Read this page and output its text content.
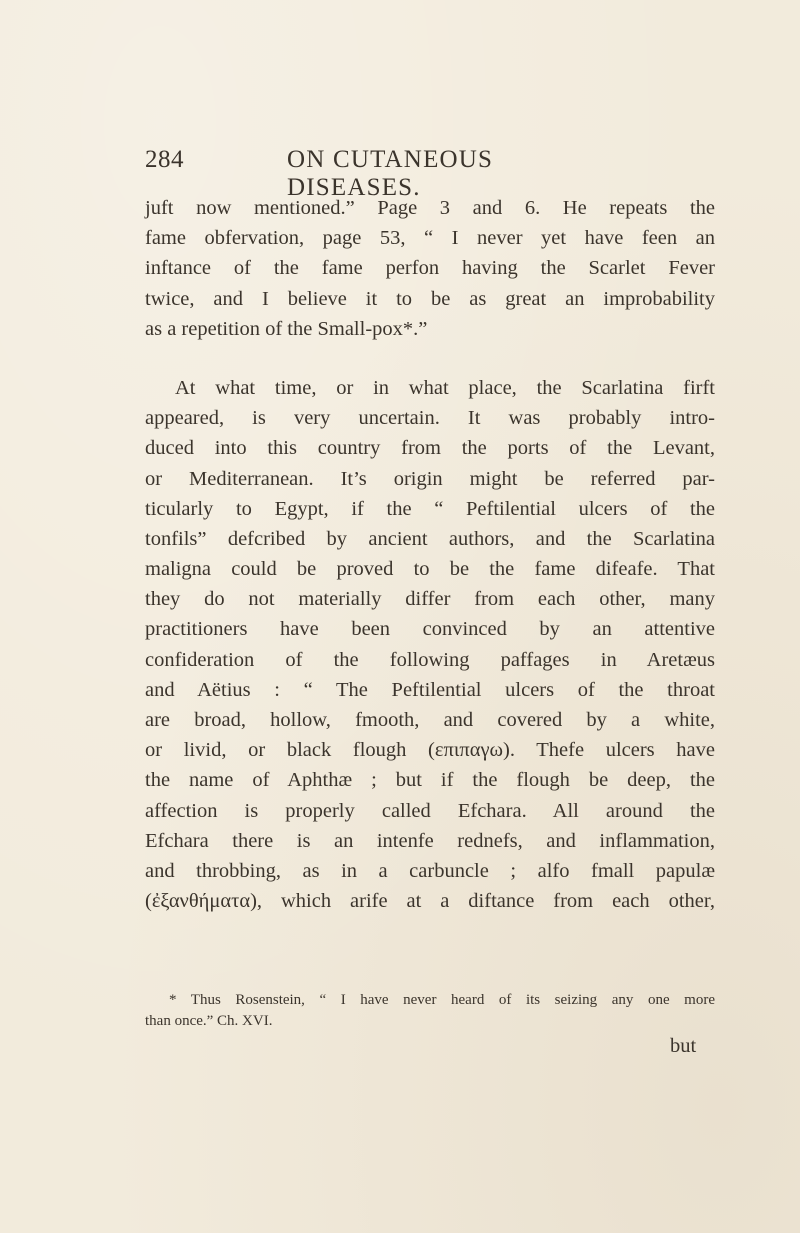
284	ON CUTANEOUS DISEASES.
juft now mentioned.” Page 3 and 6. He repeats the
fame obfervation, page 53, “ I never yet have feen an
inftance of the fame perfon having the Scarlet Fever
twice, and I believe it to be as great an improbability
as a repetition of the Small-pox*.”
At what time, or in what place, the Scarlatina firft
appeared, is very uncertain. It was probably intro-
duced into this country from the ports of the Levant,
or Mediterranean. It’s origin might be referred par-
ticularly to Egypt, if the “ Peftilential ulcers of the
tonfils” defcribed by ancient authors, and the Scarlatina
maligna could be proved to be the fame difeafe. That
they do not materially differ from each other, many
practitioners have been convinced by an attentive
confideration of the following paffages in Aretæus
and Aëtius : “ The Peftilential ulcers of the throat
are broad, hollow, fmooth, and covered by a white,
or livid, or black flough (επιπαγω). Thefe ulcers have
the name of Aphthæ ; but if the flough be deep, the
affection is properly called Efchara. All around the
Efchara there is an intenfe rednefs, and inflammation,
and throbbing, as in a carbuncle ; alfo fmall papulæ
(ἐξανθήματα), which arife at a diftance from each other,
* Thus Rosenstein, “ I have never heard of its seizing any one more
than once.” Ch. XVI.
but
